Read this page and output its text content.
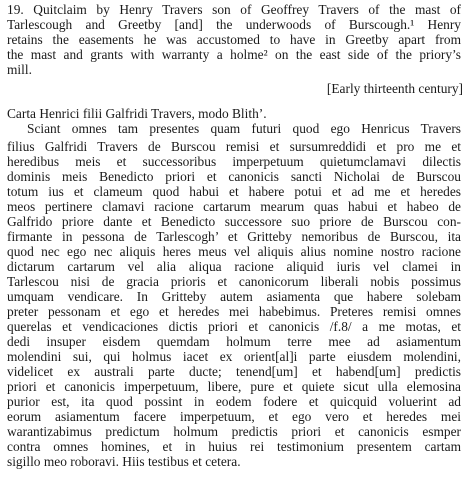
19. Quitclaim by Henry Travers son of Geoffrey Travers of the mast of
Tarlescough and Greetby [and] the underwoods of Burscough.¹ Henry
retains the easements he was accustomed to have in Greetby apart from
the mast and grants with warranty a holme² on the east side of the priory’s
mill.
[Early thirteenth century]
Carta Henrici filii Galfridi Travers, modo Blith’.
Sciant omnes tam presentes quam futuri quod ego Henricus Travers
filius Galfridi Travers de Burscou remisi et sursumreddidi et pro me et
heredibus meis et successoribus imperpetuum quietumclamavi dilectis
dominis meis Benedicto priori et canonicis sancti Nicholai de Burscou
totum ius et clameum quod habui et habere potui et ad me et heredes
meos pertinere clamavi racione cartarum mearum quas habui et habeo de
Galfrido priore dante et Benedicto successore suo priore de Burscou con-
firmante in pessona de Tarlescogh’ et Gritteby nemoribus de Burscou, ita
quod nec ego nec aliquis heres meus vel aliquis alius nomine nostro racione
dictarum cartarum vel alia aliqua racione aliquid iuris vel clamei in
Tarlescou nisi de gracia prioris et canonicorum liberali nobis possimus
umquam vendicare. In Gritteby autem asiamenta que habere solebam
preter pessonam et ego et heredes mei habebimus. Preteres remisi omnes
querelas et vendicaciones dictis priori et canonicis /f.8/ a me motas, et
dedi insuper eisdem quemdam holmum terre mee ad asiamentum
molendini sui, qui holmus iacet ex orient[al]i parte eiusdem molendini,
videlicet ex australi parte ducte; tenend[um] et habend[um] predictis
priori et canonicis imperpetuum, libere, pure et quiete sicut ulla elemosina
purior est, ita quod possint in eodem fodere et quicquid voluerint ad
eorum asiamentum facere imperpetuum, et ego vero et heredes mei
warantizabimus predictum holmum predictis priori et canonicis esmper
contra omnes homines, et in huius rei testimonium presentem cartam
sigillo meo roboravi. Hiis testibus et cetera.
